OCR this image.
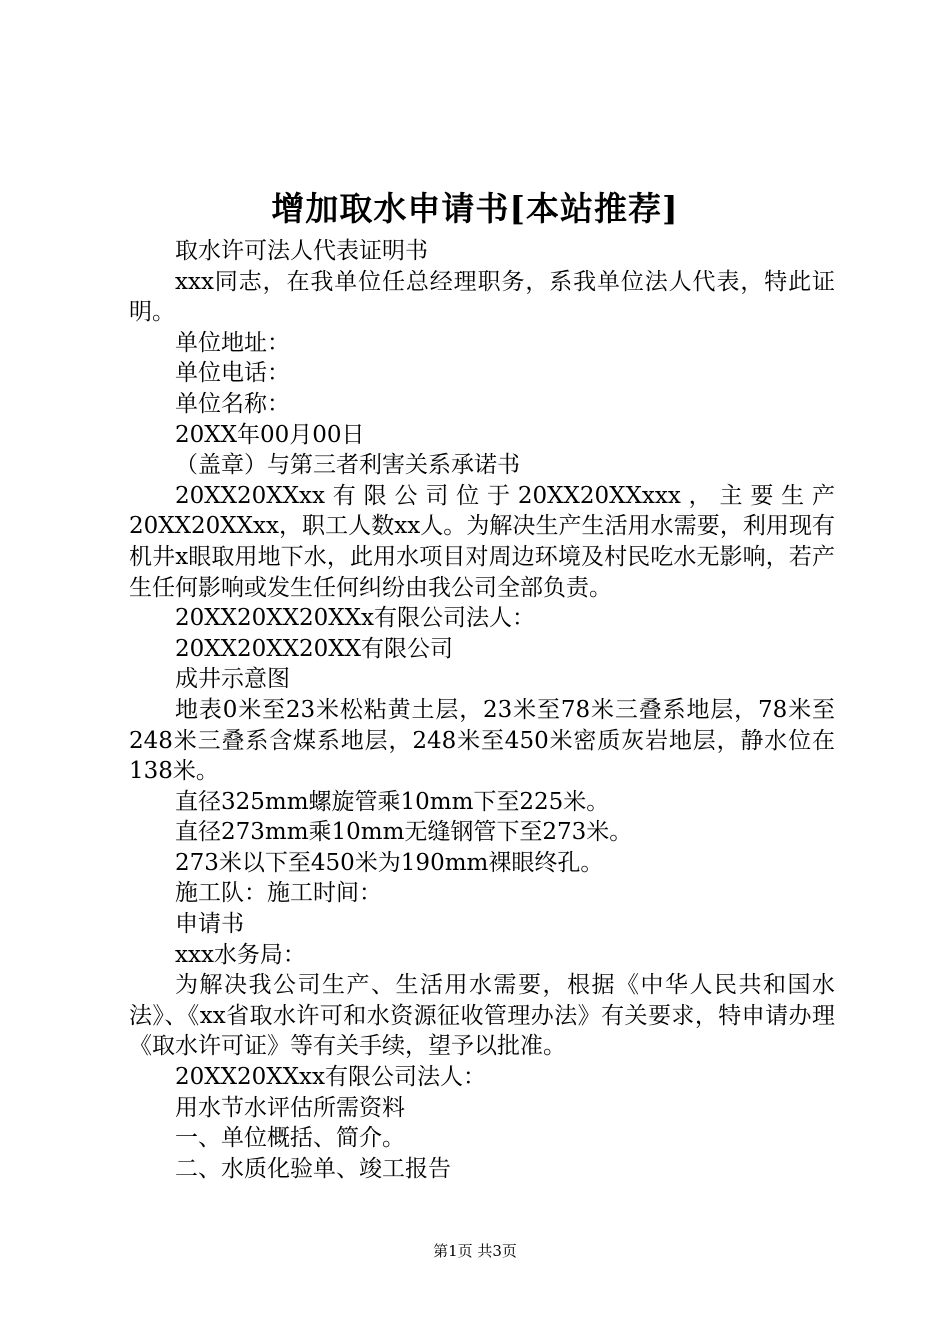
增加取水申请书[本站推荐]

取水许可法人代表证明书

xxx同志，在我单位任总经理职务，系我单位法人代表，特此证明。

单位地址：

单位电话：

单位名称：

20XX年00月00日

（盖章）与第三者利害关系承诺书

20XX20XXxx有限公司位于20XX20XXxxx，主要生产20XX20XXxx，职工人数xx人。为解决生产生活用水需要，利用现有机井x眼取用地下水，此用水项目对周边环境及村民吃水无影响，若产生任何影响或发生任何纠纷由我公司全部负责。

20XX20XX20XXx有限公司法人：

20XX20XX20XX有限公司

成井示意图

地表0米至23米松粘黄土层，23米至78米三叠系地层，78米至248米三叠系含煤系地层，248米至450米密质灰岩地层，静水位在138米。

直径325mm螺旋管乘10mm下至225米。

直径273mm乘10mm无缝钢管下至273米。

273米以下至450米为190mm裸眼终孔。

施工队：施工时间：

申请书

xxx水务局：

为解决我公司生产、生活用水需要，根据《中华人民共和国水法》、《xx省取水许可和水资源征收管理办法》有关要求，特申请办理《取水许可证》等有关手续，望予以批准。

20XX20XXxx有限公司法人：

用水节水评估所需资料

一、单位概括、简介。

二、水质化验单、竣工报告

第1页 共3页
